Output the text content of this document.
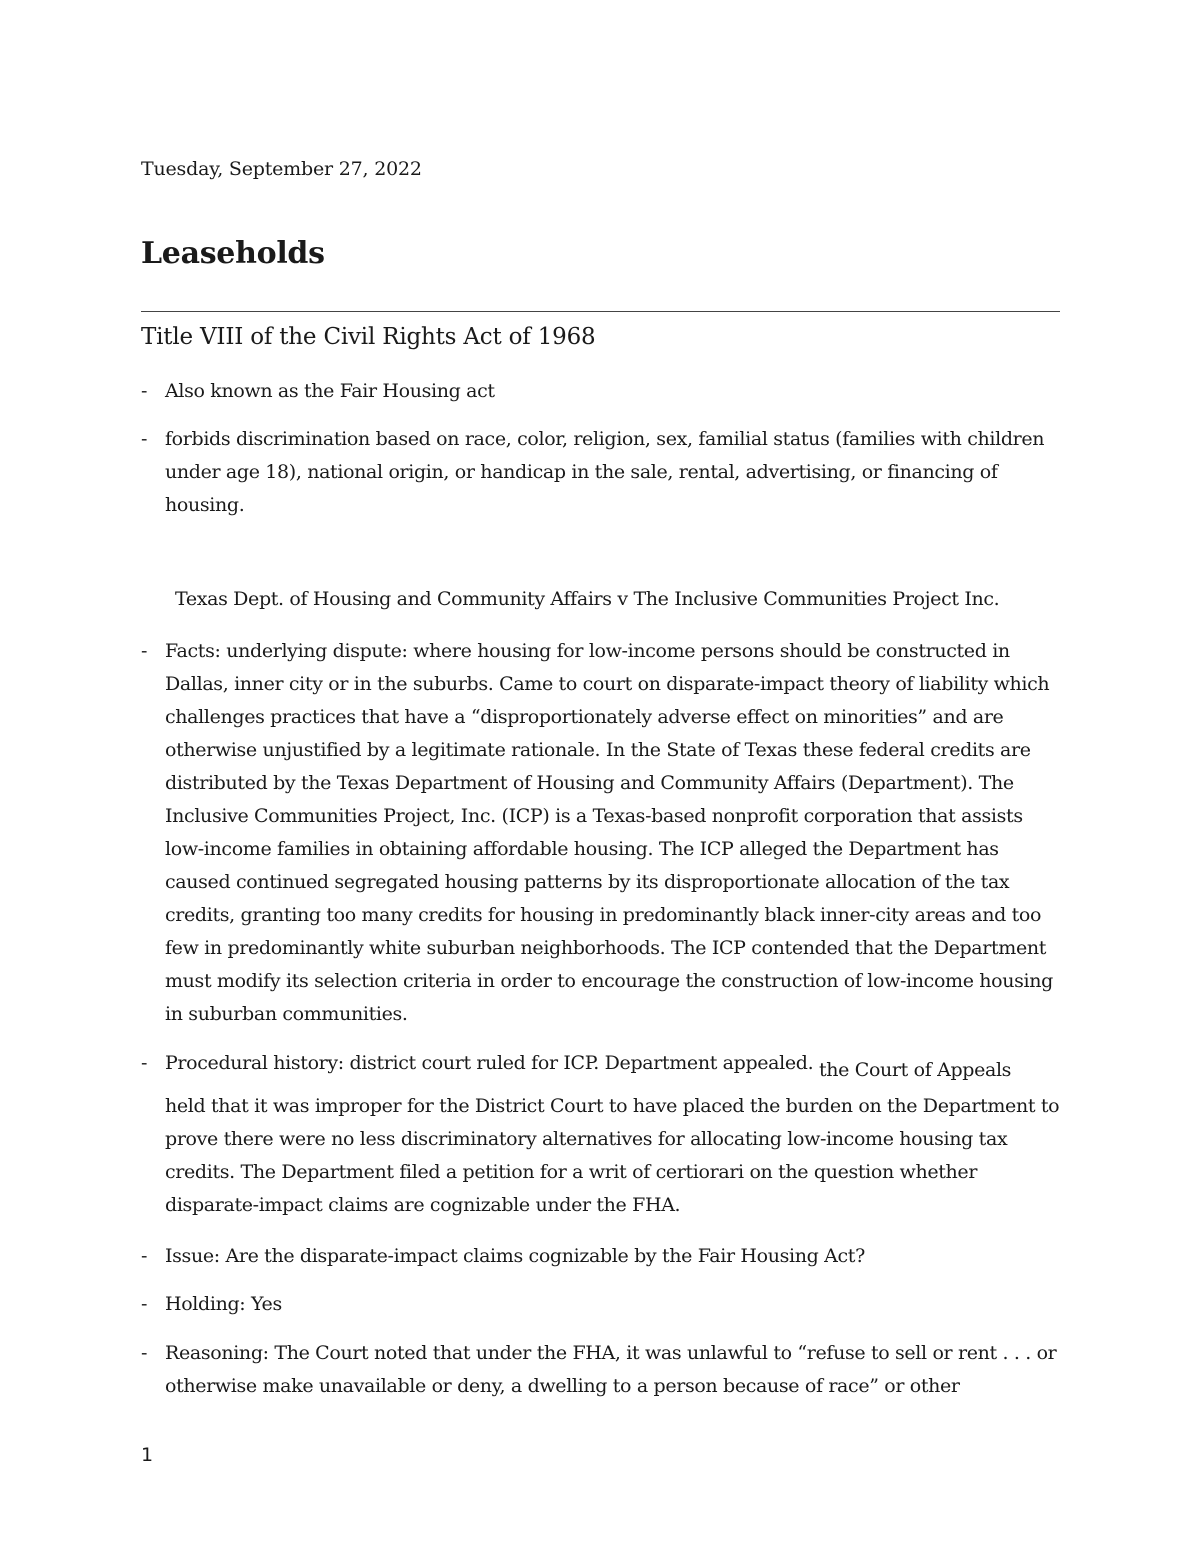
Tuesday, September 27, 2022
Leaseholds
Title VIII of the Civil Rights Act of 1968
- Also known as the Fair Housing act
- forbids discrimination based on race, color, religion, sex, familial status (families with children under age 18), national origin, or handicap in the sale, rental, advertising, or financing of housing.
Texas Dept. of Housing and Community Affairs v The Inclusive Communities Project Inc.
- Facts: underlying dispute: where housing for low-income persons should be constructed in Dallas, inner city or in the suburbs. Came to court on disparate-impact theory of liability which challenges practices that have a “disproportionately adverse effect on minorities” and are otherwise unjustified by a legitimate rationale. In the State of Texas these federal credits are distributed by the Texas Department of Housing and Community Affairs (Department). The Inclusive Communities Project, Inc. (ICP) is a Texas-based nonprofit corporation that assists low-income families in obtaining affordable housing. The ICP alleged the Department has caused continued segregated housing patterns by its disproportionate allocation of the tax credits, granting too many credits for housing in predominantly black inner-city areas and too few in predominantly white suburban neighborhoods. The ICP contended that the Department must modify its selection criteria in order to encourage the construction of low-income housing in suburban communities.
- Procedural history: district court ruled for ICP. Department appealed. the Court of Appeals
held that it was improper for the District Court to have placed the burden on the Department to prove there were no less discriminatory alternatives for allocating low-income housing tax credits. The Department filed a petition for a writ of certiorari on the question whether disparate-impact claims are cognizable under the FHA.
- Issue: Are the disparate-impact claims cognizable by the Fair Housing Act?
- Holding: Yes
- Reasoning: The Court noted that under the FHA, it was unlawful to “refuse to sell or rent . . . or otherwise make unavailable or deny, a dwelling to a person because of race” or other
1
